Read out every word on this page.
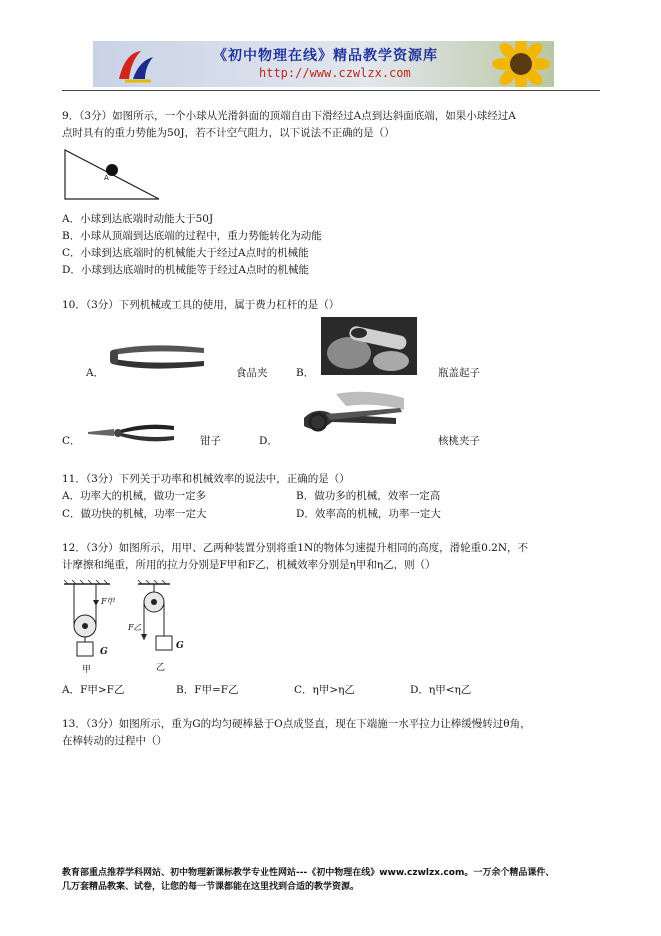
《初中物理在线》精品教学资源库
http://www.czwlzx.com
9．（3分）如图所示，一个小球从光滑斜面的顶端自由下滑经过A点到达斜面底端，如果小球经过A
点时具有的重力势能为50J，若不计空气阻力，以下说法不正确的是（）
A
A．小球到达底端时动能大于50J
B．小球从顶端到达底端的过程中，重力势能转化为动能
C．小球到达底端时的机械能大于经过A点时的机械能
D．小球到达底端时的机械能等于经过A点时的机械能
10．（3分）下列机械或工具的使用，属于费力杠杆的是（）
A．	食品夹	B．	瓶盖起子
C．	钳子	D．	核桃夹子
11．（3分）下列关于功率和机械效率的说法中，正确的是（）
A．功率大的机械，做功一定多	B．做功多的机械，效率一定高
C．做功快的机械，功率一定大	D．效率高的机械，功率一定大
12．（3分）如图所示，用甲、乙两种装置分别将重1N的物体匀速提升相同的高度，滑轮重0.2N，不
计摩擦和绳重，所用的拉力分别是F甲和F乙，机械效率分别是η甲和η乙，则（）
F甲
G
甲
F乙
G
乙
A．F甲>F乙	B．F甲=F乙	C．η甲>η乙	D．η甲<η乙
13．（3分）如图所示，重为G的均匀硬棒悬于O点成竖直，现在下端施一水平拉力让棒缓慢转过θ角，
在棒转动的过程中（）
教育部重点推荐学科网站、初中物理新课标教学专业性网站---《初中物理在线》www.czwlzx.com。一万余个精品课件、
几万套精品教案、试卷，让您的每一节课都能在这里找到合适的教学资源。
